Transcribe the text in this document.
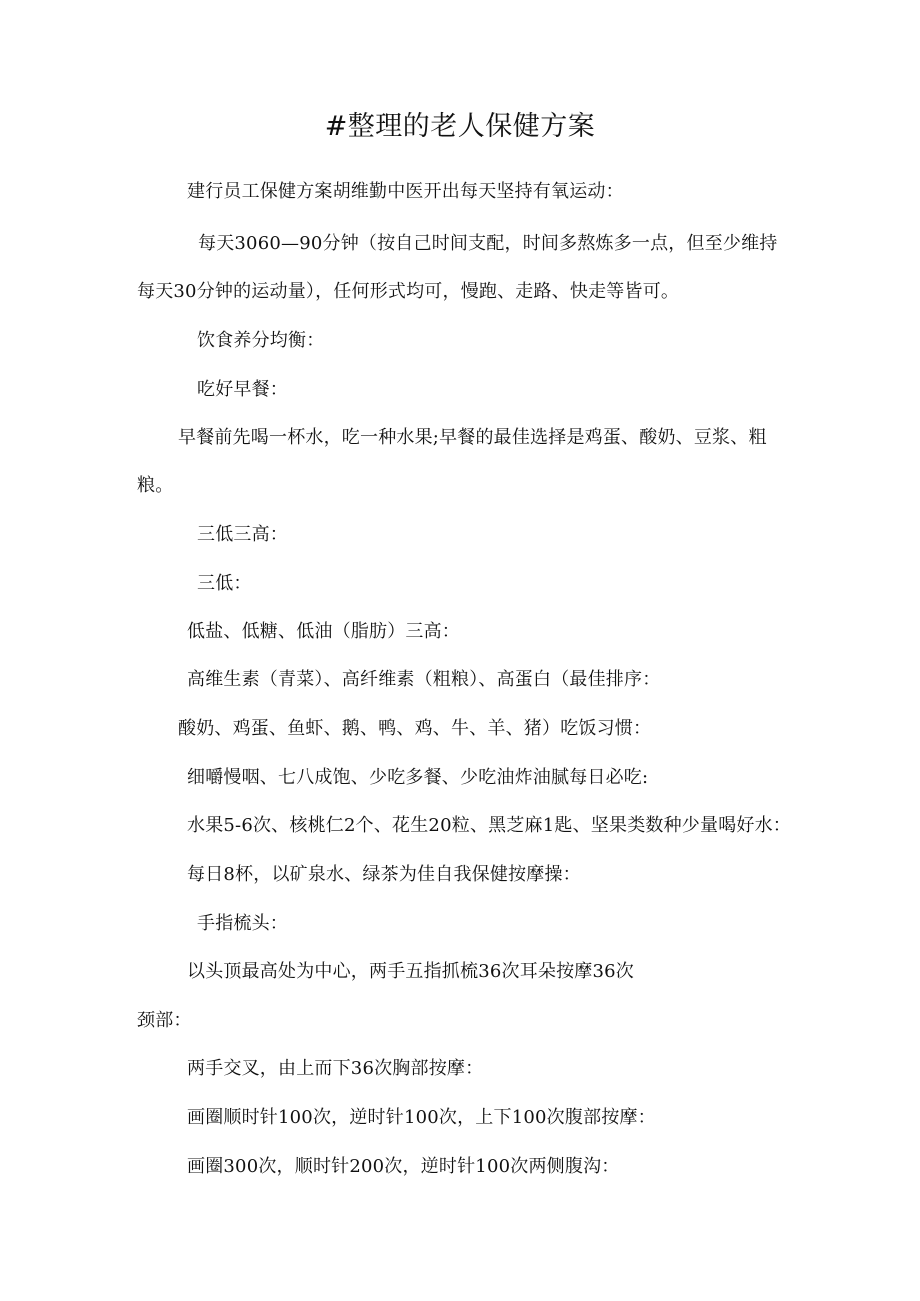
#整理的老人保健方案
建行员工保健方案胡维勤中医开出每天坚持有氧运动：
每天3060—90分钟（按自己时间支配，时间多熬炼多一点，但至少维持
每天30分钟的运动量），任何形式均可，慢跑、走路、快走等皆可。
饮食养分均衡：
吃好早餐：
早餐前先喝一杯水，吃一种水果;早餐的最佳选择是鸡蛋、酸奶、豆浆、粗
粮。
三低三高：
三低：
低盐、低糖、低油（脂肪）三高：
高维生素（青菜）、高纤维素（粗粮）、高蛋白（最佳排序：
酸奶、鸡蛋、鱼虾、鹅、鸭、鸡、牛、羊、猪）吃饭习惯：
细嚼慢咽、七八成饱、少吃多餐、少吃油炸油腻每日必吃:
水果5-6次、核桃仁2个、花生20粒、黑芝麻1匙、坚果类数种少量喝好水：
每日8杯，以矿泉水、绿茶为佳自我保健按摩操：
手指梳头：
以头顶最高处为中心，两手五指抓梳36次耳朵按摩36次
颈部：
两手交叉，由上而下36次胸部按摩：
画圈顺时针100次，逆时针100次，上下100次腹部按摩：
画圈300次，顺时针200次，逆时针100次两侧腹沟：
